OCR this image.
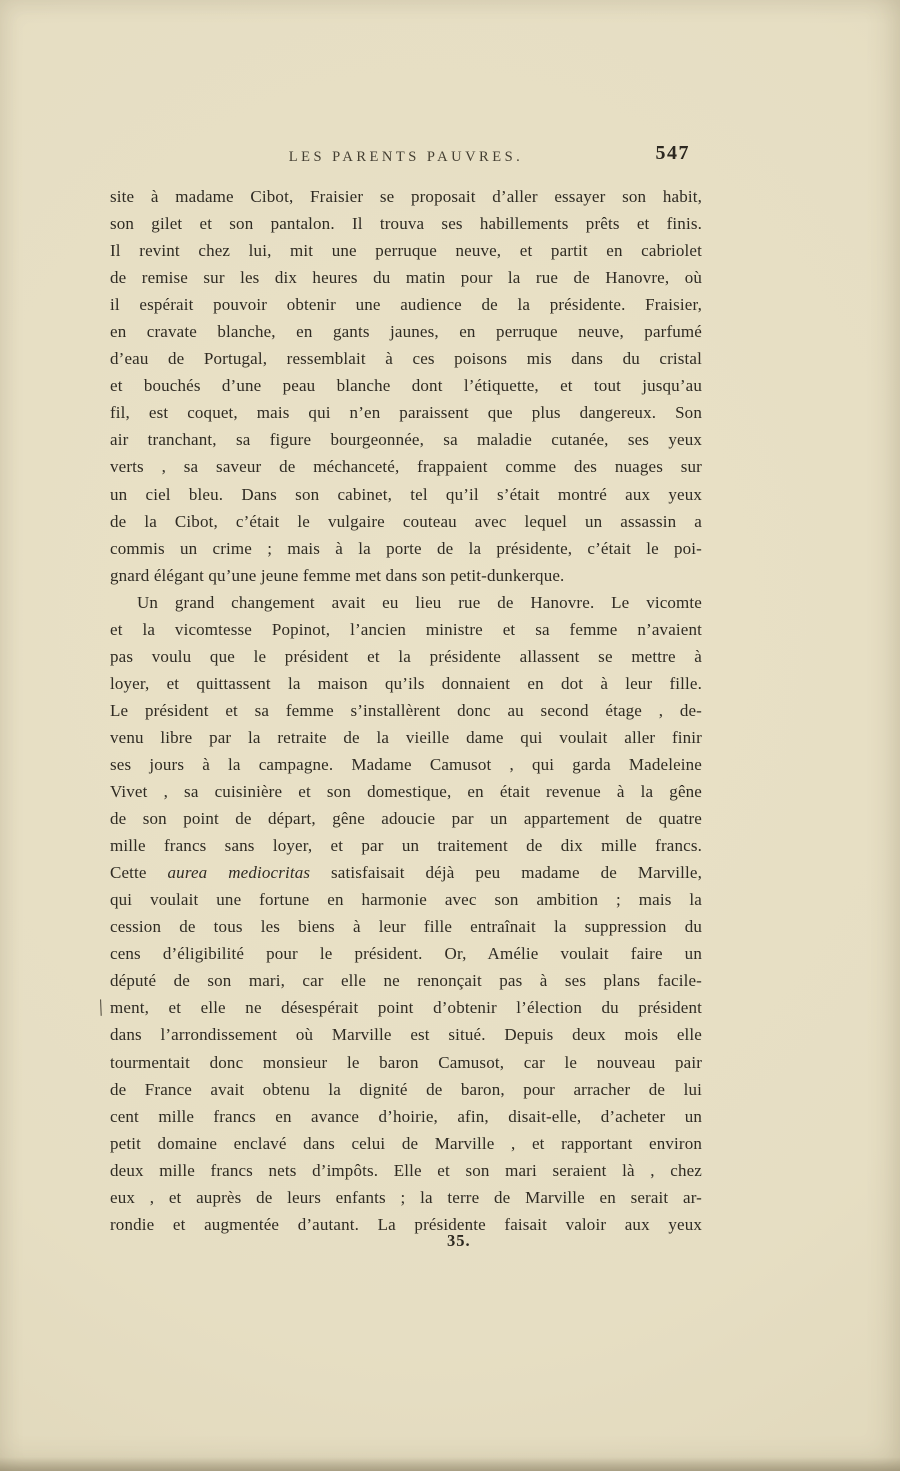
LES PARENTS PAUVRES.	547
site à madame Cibot, Fraisier se proposait d’aller essayer son habit,
son gilet et son pantalon. Il trouva ses habillements prêts et finis.
Il revint chez lui, mit une perruque neuve, et partit en cabriolet
de remise sur les dix heures du matin pour la rue de Hanovre, où
il espérait pouvoir obtenir une audience de la présidente. Fraisier,
en cravate blanche, en gants jaunes, en perruque neuve, parfumé
d’eau de Portugal, ressemblait à ces poisons mis dans du cristal
et bouchés d’une peau blanche dont l’étiquette, et tout jusqu’au
fil, est coquet, mais qui n’en paraissent que plus dangereux. Son
air tranchant, sa figure bourgeonnée, sa maladie cutanée, ses yeux
verts , sa saveur de méchanceté, frappaient comme des nuages sur
un ciel bleu. Dans son cabinet, tel qu’il s’était montré aux yeux
de la Cibot, c’était le vulgaire couteau avec lequel un assassin a
commis un crime ; mais à la porte de la présidente, c’était le poi-
gnard élégant qu’une jeune femme met dans son petit-dunkerque.
Un grand changement avait eu lieu rue de Hanovre. Le vicomte
et la vicomtesse Popinot, l’ancien ministre et sa femme n’avaient
pas voulu que le président et la présidente allassent se mettre à
loyer, et quittassent la maison qu’ils donnaient en dot à leur fille.
Le président et sa femme s’installèrent donc au second étage , de-
venu libre par la retraite de la vieille dame qui voulait aller finir
ses jours à la campagne. Madame Camusot , qui garda Madeleine
Vivet , sa cuisinière et son domestique, en était revenue à la gêne
de son point de départ, gêne adoucie par un appartement de quatre
mille francs sans loyer, et par un traitement de dix mille francs.
Cette aurea mediocritas satisfaisait déjà peu madame de Marville,
qui voulait une fortune en harmonie avec son ambition ; mais la
cession de tous les biens à leur fille entraînait la suppression du
cens d’éligibilité pour le président. Or, Amélie voulait faire un
député de son mari, car elle ne renonçait pas à ses plans facile-
ment, et elle ne désespérait point d’obtenir l’élection du président
dans l’arrondissement où Marville est situé. Depuis deux mois elle
tourmentait donc monsieur le baron Camusot, car le nouveau pair
de France avait obtenu la dignité de baron, pour arracher de lui
cent mille francs en avance d’hoirie, afin, disait-elle, d’acheter un
petit domaine enclavé dans celui de Marville , et rapportant environ
deux mille francs nets d’impôts. Elle et son mari seraient là , chez
eux , et auprès de leurs enfants ; la terre de Marville en serait ar-
rondie et augmentée d’autant. La présidente faisait valoir aux yeux
|
35.
